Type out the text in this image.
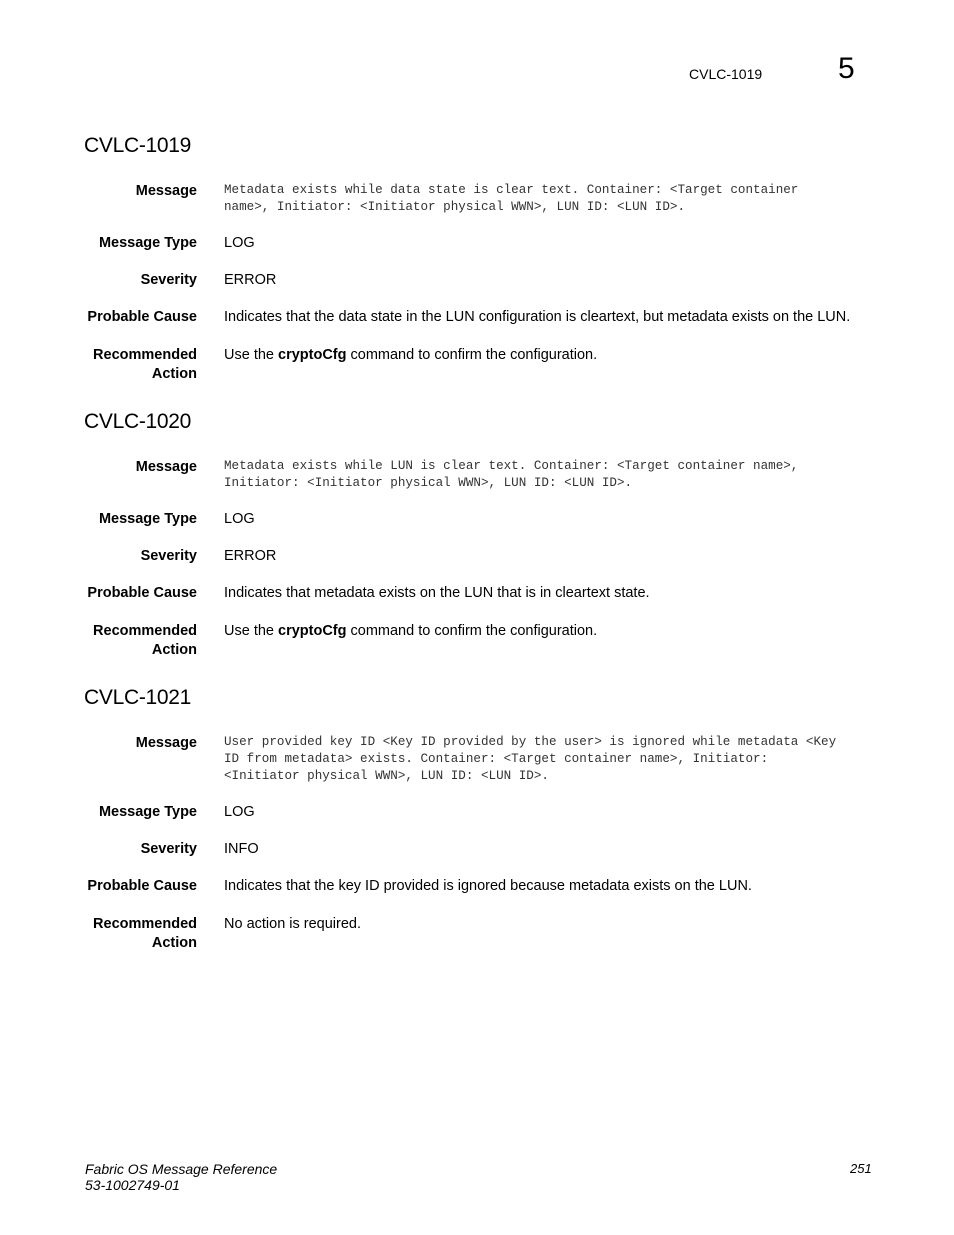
CVLC-1019	5
CVLC-1019
Message Metadata exists while data state is clear text. Container: <Target container
name>, Initiator: <Initiator physical WWN>, LUN ID: <LUN ID>.
Message Type LOG
Severity ERROR
Probable Cause Indicates that the data state in the LUN configuration is cleartext, but metadata exists on the LUN.
Recommended
Action
Use the cryptoCfg command to confirm the configuration.
CVLC-1020
Message Metadata exists while LUN is clear text. Container: <Target container name>,
Initiator: <Initiator physical WWN>, LUN ID: <LUN ID>.
Message Type LOG
Severity ERROR
Probable Cause Indicates that metadata exists on the LUN that is in cleartext state.
Recommended
Action
Use the cryptoCfg command to confirm the configuration.
CVLC-1021
Message User provided key ID <Key ID provided by the user> is ignored while metadata <Key
ID from metadata> exists. Container: <Target container name>, Initiator:
<Initiator physical WWN>, LUN ID: <LUN ID>.
Message Type LOG
Severity INFO
Probable Cause Indicates that the key ID provided is ignored because metadata exists on the LUN.
Recommended
Action
No action is required.
Fabric OS Message Reference
53-1002749-01
251
